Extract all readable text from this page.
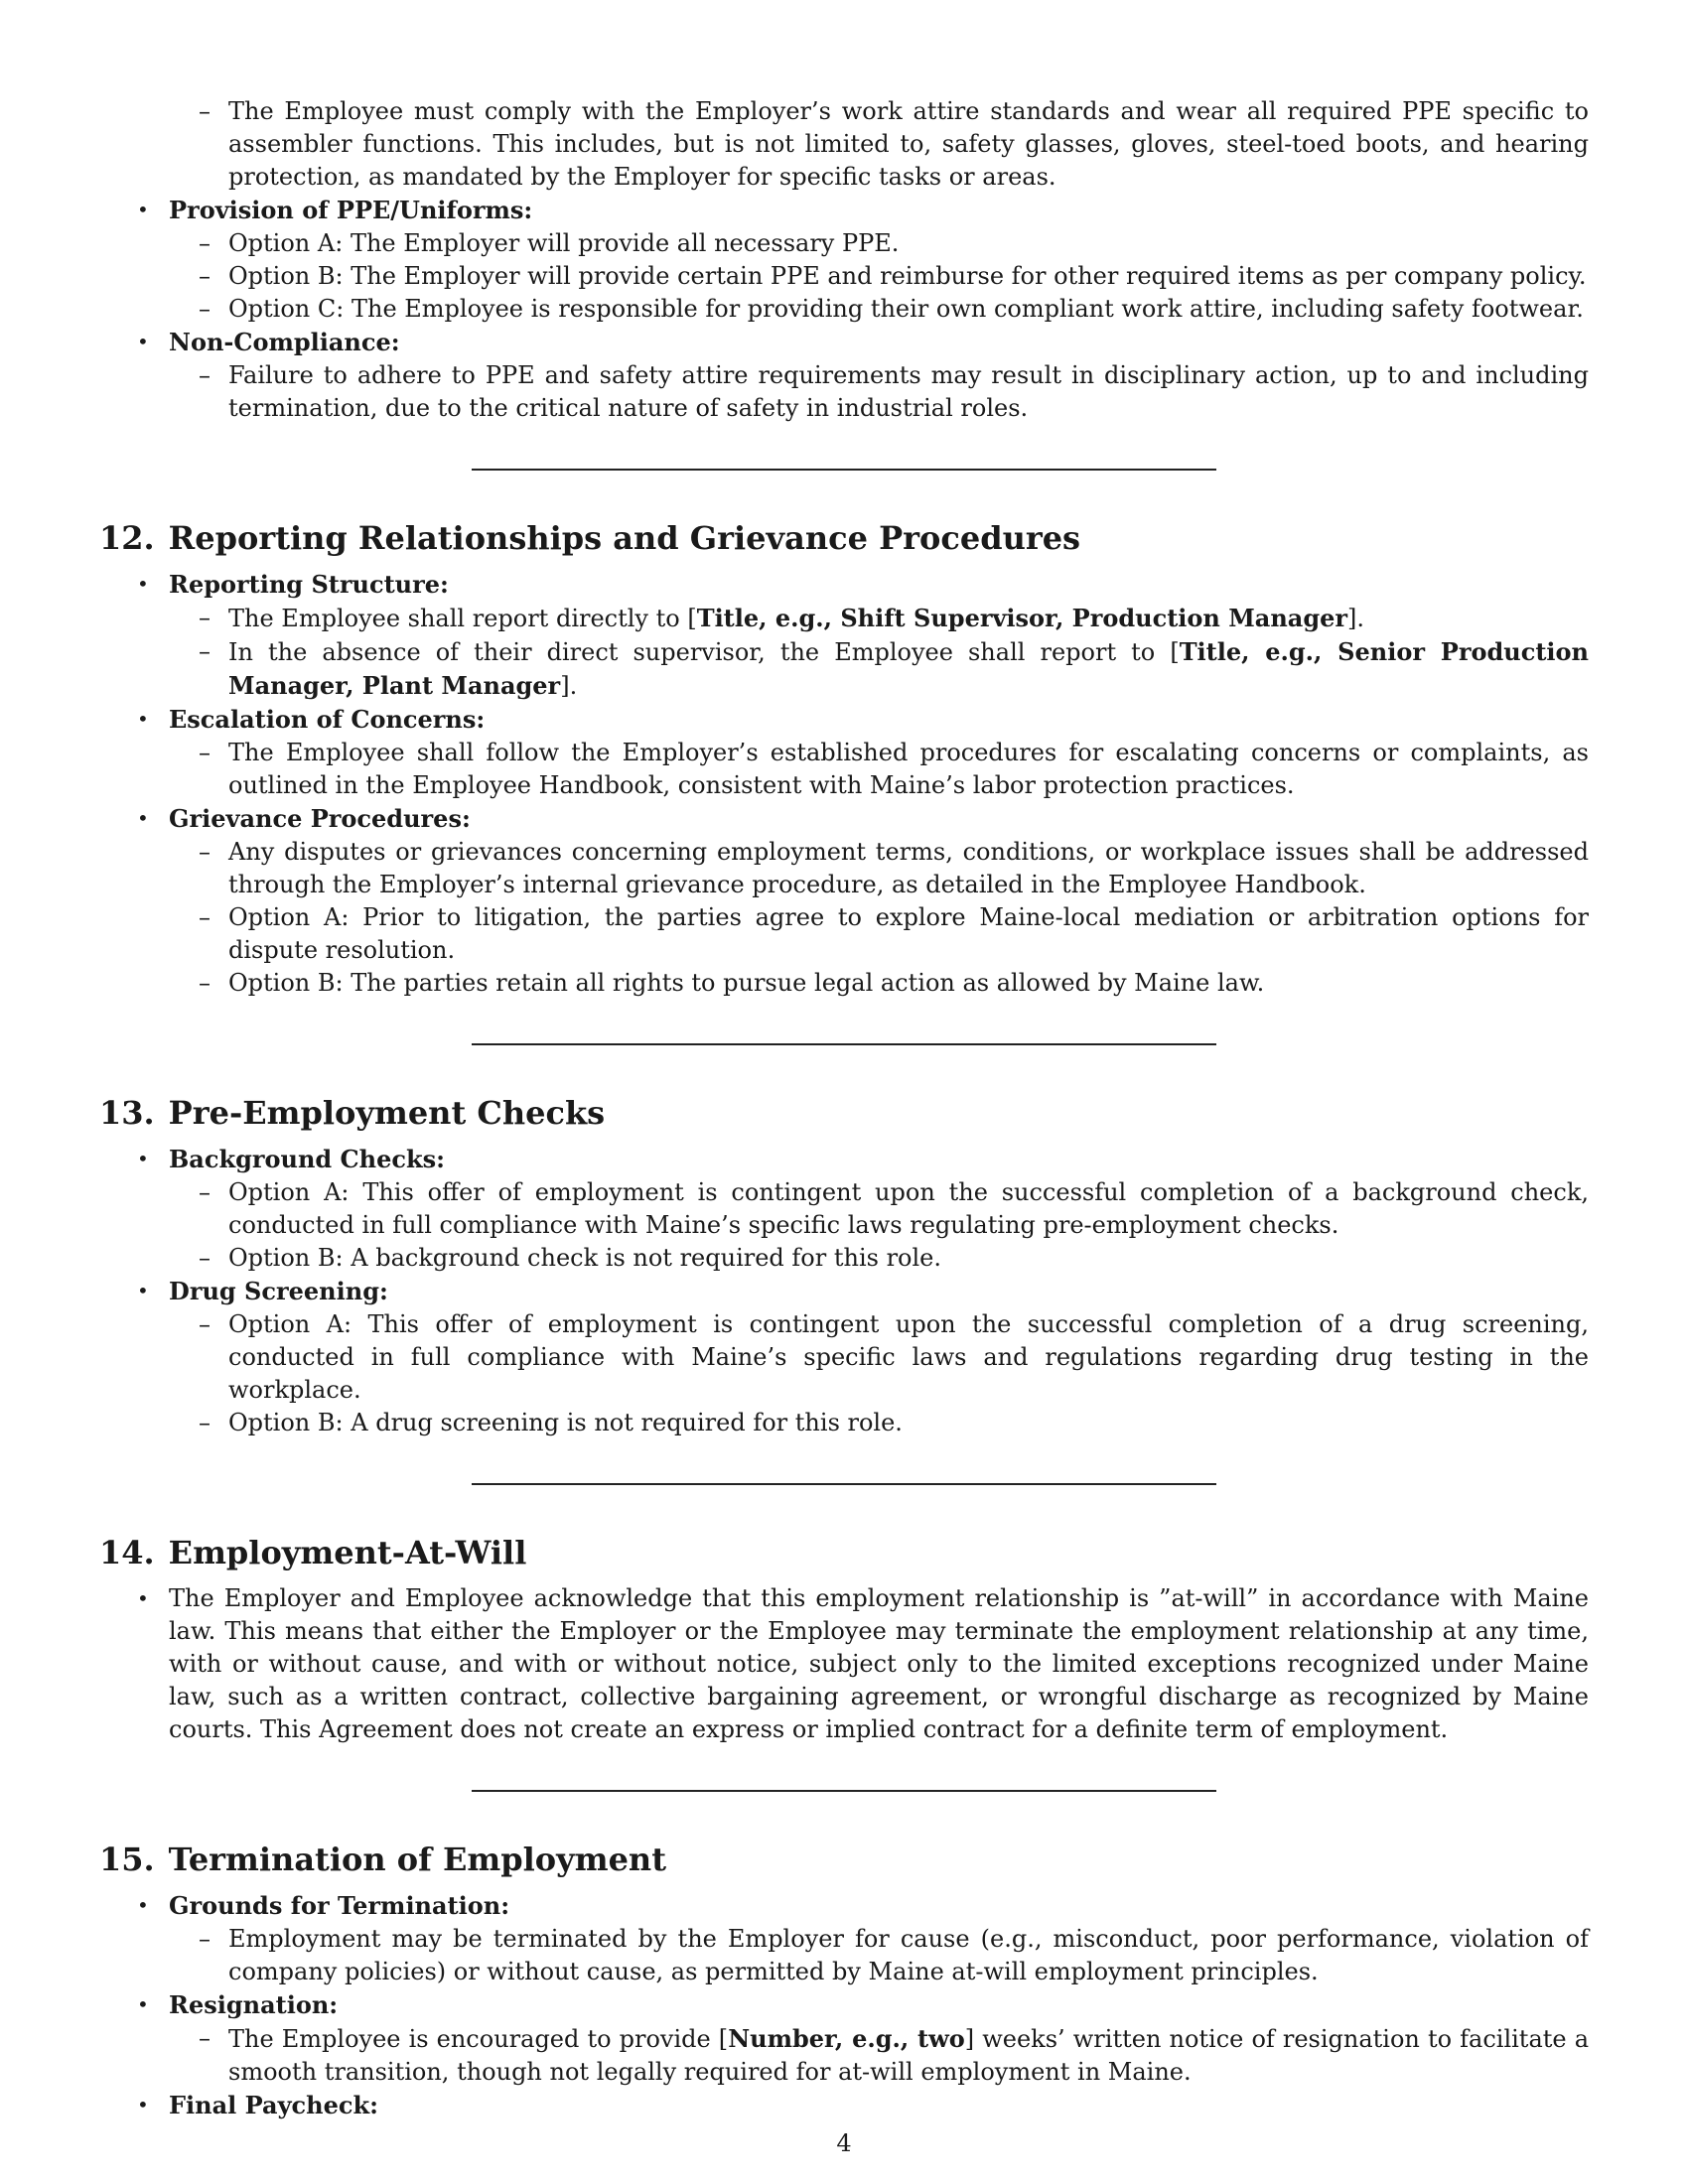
– The Employee must comply with the Employer’s work attire standards and wear all required PPE specific to assembler functions. This includes, but is not limited to, safety glasses, gloves, steel-toed boots, and hearing protection, as mandated by the Employer for specific tasks or areas.

• Provision of PPE/Uniforms:

– Option A: The Employer will provide all necessary PPE.

– Option B: The Employer will provide certain PPE and reimburse for other required items as per company policy.

– Option C: The Employee is responsible for providing their own compliant work attire, including safety footwear.

• Non-Compliance:

– Failure to adhere to PPE and safety attire requirements may result in disciplinary action, up to and including termination, due to the critical nature of safety in industrial roles.

12. Reporting Relationships and Grievance Procedures

• Reporting Structure:

– The Employee shall report directly to [Title, e.g., Shift Supervisor, Production Manager].

– In the absence of their direct supervisor, the Employee shall report to [Title, e.g., Senior Production Manager, Plant Manager].

• Escalation of Concerns:

– The Employee shall follow the Employer’s established procedures for escalating concerns or complaints, as outlined in the Employee Handbook, consistent with Maine’s labor protection practices.

• Grievance Procedures:

– Any disputes or grievances concerning employment terms, conditions, or workplace issues shall be addressed through the Employer’s internal grievance procedure, as detailed in the Employee Handbook.

– Option A: Prior to litigation, the parties agree to explore Maine-local mediation or arbitration options for dispute resolution.

– Option B: The parties retain all rights to pursue legal action as allowed by Maine law.

13. Pre-Employment Checks

• Background Checks:

– Option A: This offer of employment is contingent upon the successful completion of a background check, conducted in full compliance with Maine’s specific laws regulating pre-employment checks.

– Option B: A background check is not required for this role.

• Drug Screening:

– Option A: This offer of employment is contingent upon the successful completion of a drug screening, conducted in full compliance with Maine’s specific laws and regulations regarding drug testing in the workplace.

– Option B: A drug screening is not required for this role.

14. Employment-At-Will

• The Employer and Employee acknowledge that this employment relationship is ”at-will” in accordance with Maine law. This means that either the Employer or the Employee may terminate the employment relationship at any time, with or without cause, and with or without notice, subject only to the limited exceptions recognized under Maine law, such as a written contract, collective bargaining agreement, or wrongful discharge as recognized by Maine courts. This Agreement does not create an express or implied contract for a definite term of employment.

15. Termination of Employment

• Grounds for Termination:

– Employment may be terminated by the Employer for cause (e.g., misconduct, poor performance, violation of company policies) or without cause, as permitted by Maine at-will employment principles.

• Resignation:

– The Employee is encouraged to provide [Number, e.g., two] weeks’ written notice of resignation to facilitate a smooth transition, though not legally required for at-will employment in Maine.

• Final Paycheck:

4
